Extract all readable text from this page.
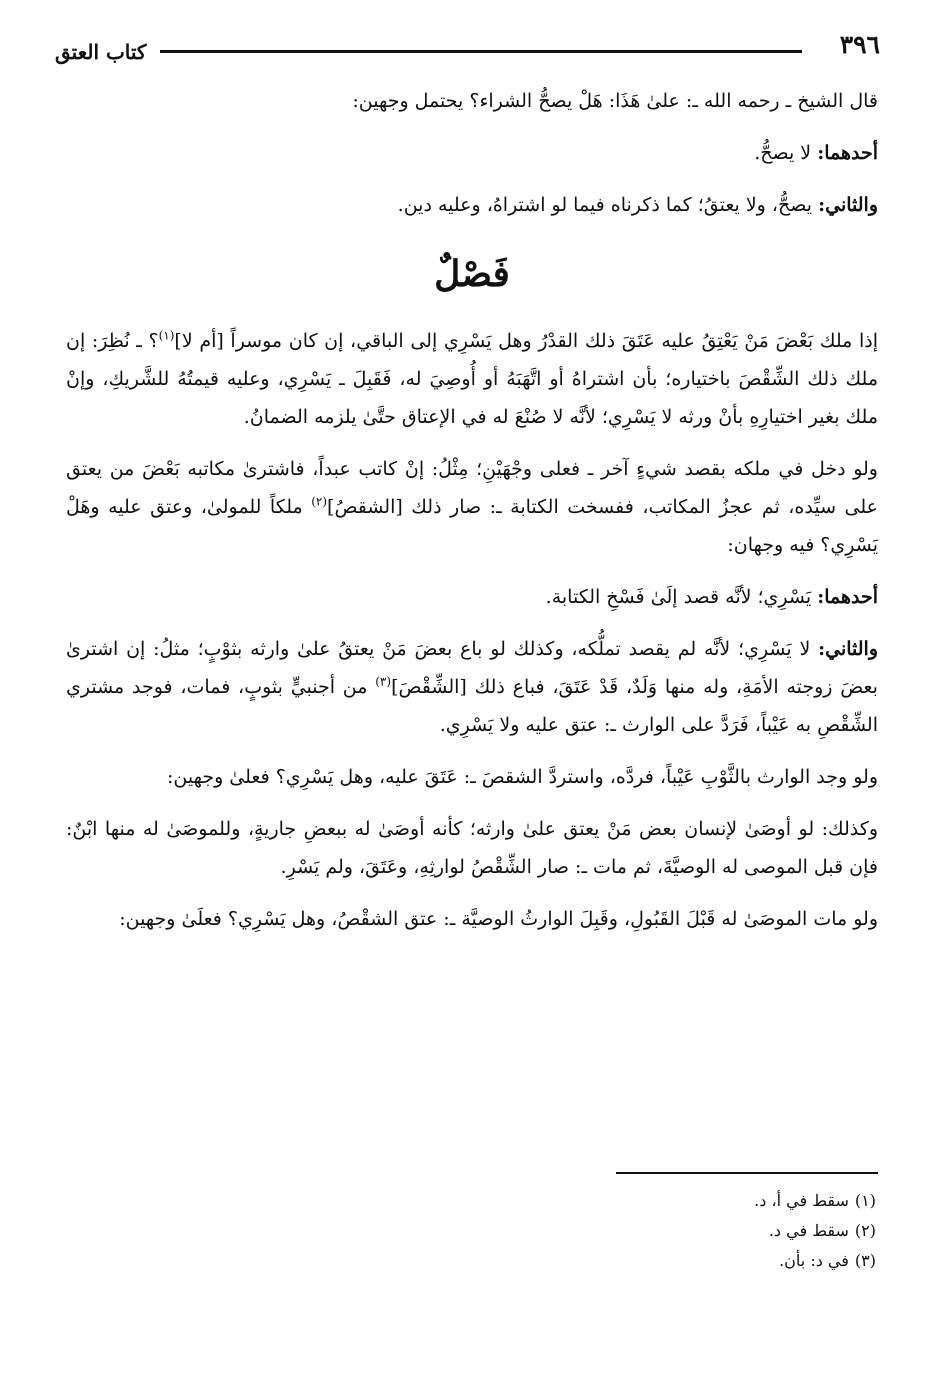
٣٩٦
كتاب العتق

قال الشيخ ـ رحمه الله ـ: علىٰ هَذَا: هَلْ يصحُّ الشراء؟ يحتمل وجهين:

أحدهما: لا يصحُّ.

والثاني: يصحُّ، ولا يعتقُ؛ كما ذكرناه فيما لو اشتراهُ، وعليه دين.

فَصْلٌ

إذا ملك بَعْضَ مَنْ يَعْتِقُ عليه عَتَقَ ذلك القدْرُ وهل يَسْرِي إلى الباقي، إن كان موسراً [أم لا]$^{(١)}$؟ ـ نُظِرَ: إن ملك ذلك الشِّقْصَ باختياره؛ بأن اشتراهُ أو اتَّهَبَهُ أو أُوصِيَ له، فَقَبِلَ ـ يَسْرِي، وعليه قيمتُهُ للشَّريكِ، وإنْ ملك بغير اختيارِهِ بأنْ ورثه لا يَسْرِي؛ لأنَّه لا صُنْعَ له في الإعتاق حتَّىٰ يلزمه الضمانُ.

ولو دخل في ملكه بقصد شيءٍ آخر ـ فعلى وجْهَيْنِ؛ مِثْلُ: إنْ كاتب عبداً، فاشترىٰ مكاتبه بَعْضَ من يعتق على سيِّده، ثم عجزُ المكاتب، ففسخت الكتابة ـ: صار ذلك [الشقصُ]$^{(٢)}$ ملكاً للمولىٰ، وعتق عليه وهَلْ يَسْرِي؟ فيه وجهان:

أحدهما: يَسْرِي؛ لأنَّه قصد إلَىٰ فَسْخِ الكتابة.

والثاني: لا يَسْرِي؛ لأنَّه لم يقصد تملُّكه، وكذلك لو باع بعضَ مَنْ يعتقُ علىٰ وارثه بثوْبٍ؛ مثلُ: إن اشترىٰ بعضَ زوجته الأمَةِ، وله منها وَلَدٌ، قَدْ عَتَقَ، فباع ذلك [الشِّقْصَ]$^{(٣)}$ من أجنبيٍّ بثوبٍ، فمات، فوجد مشتري الشِّقْصِ به عَيْباً، فَرَدَّ على الوارث ـ: عتق عليه ولا يَسْرِي.

ولو وجد الوارث بالثَّوْبِ عَيْباً، فردَّه، واستردَّ الشقصَ ـ: عَتَقَ عليه، وهل يَسْرِي؟ فعلىٰ وجهين:

وكذلك: لو أوصَىٰ لإنسان بعض مَنْ يعتق علىٰ وارثه؛ كأنه أوصَىٰ له ببعضِ جاريةٍ، وللموصَىٰ له منها ابْنٌ: فإن قبل الموصى له الوصيَّةَ، ثم مات ـ: صار الشِّقْصُ لوارثِهِ، وعَتَقَ، ولم يَسْرِ.

ولو مات الموصَىٰ له قَبْلَ القَبُولِ، وقَبِلَ الوارثُ الوصيَّة ـ: عتق الشقْصُ، وهل يَسْرِي؟ فعلَىٰ وجهين:

(١)سقط في أ، د.

(٢)سقط في د.

(٣)في د: بأن.
